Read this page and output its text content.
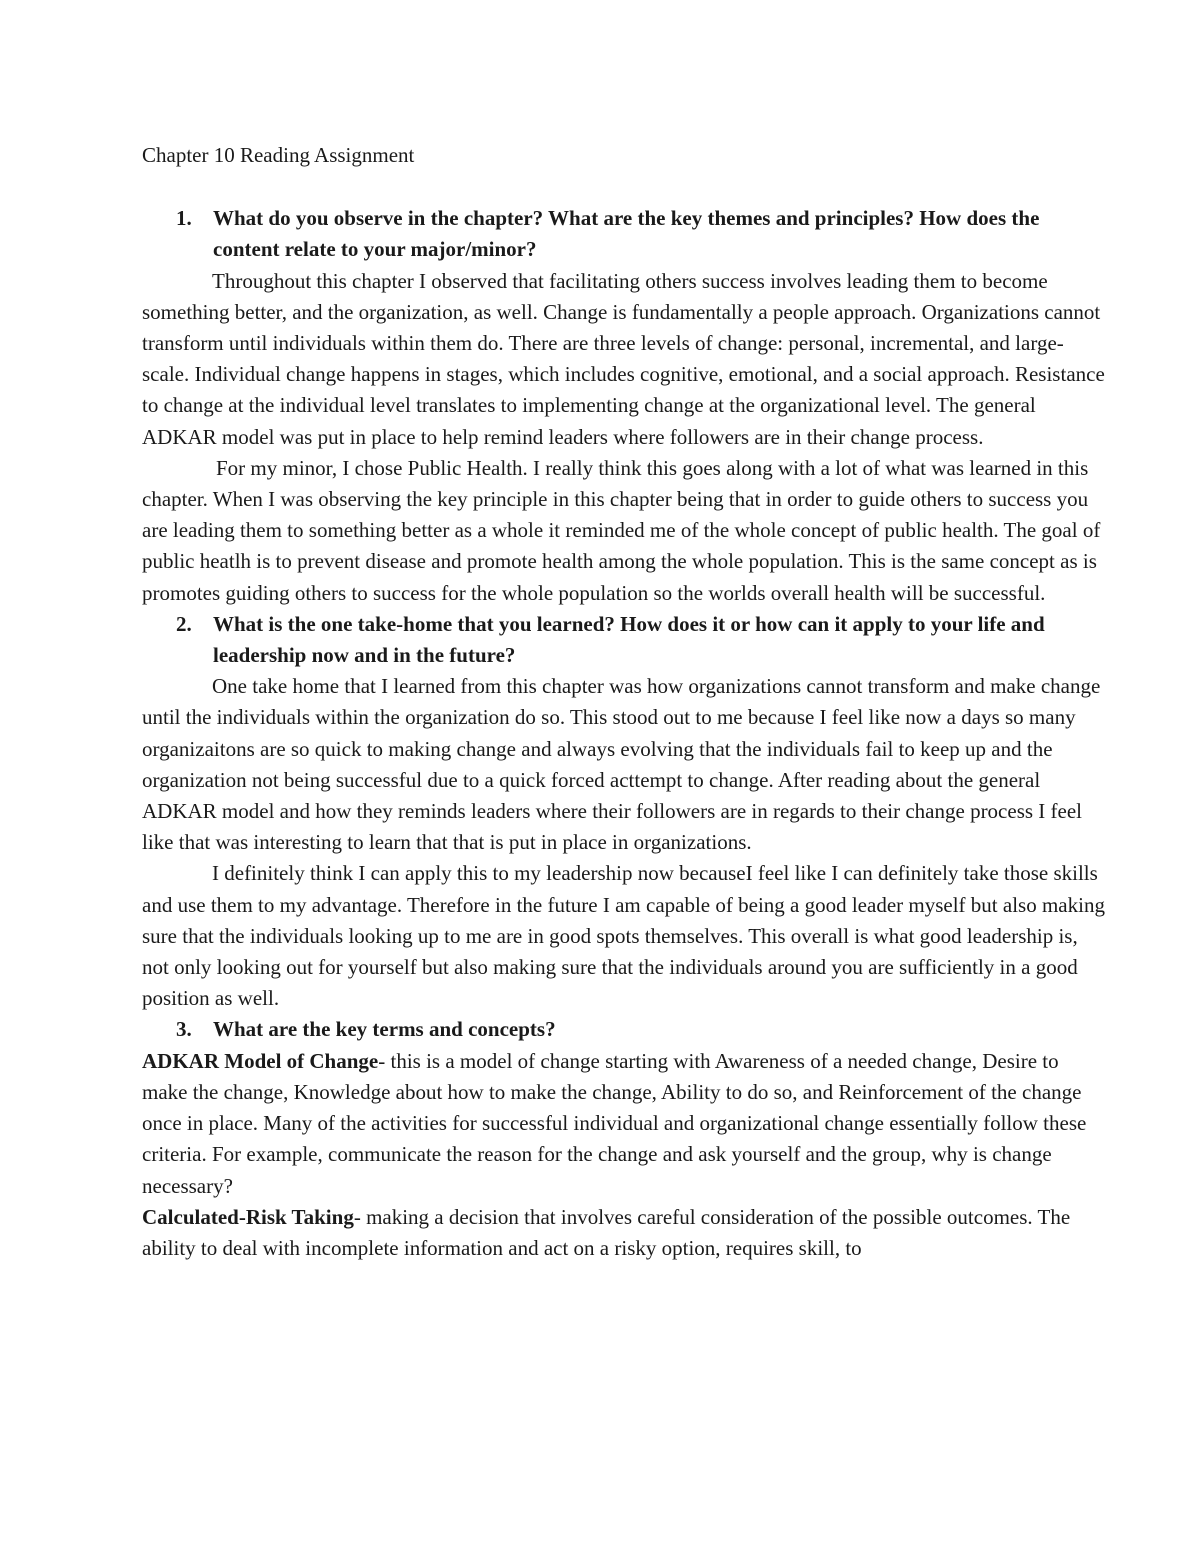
Chapter 10 Reading Assignment

1. What do you observe in the chapter? What are the key themes and principles? How does the content relate to your major/minor?

Throughout this chapter I observed that facilitating others success involves leading them to become something better, and the organization, as well. Change is fundamentally a people approach. Organizations cannot transform until individuals within them do. There are three levels of change: personal, incremental, and large-scale. Individual change happens in stages, which includes cognitive, emotional, and a social approach. Resistance to change at the individual level translates to implementing change at the organizational level. The general ADKAR model was put in place to help remind leaders where followers are in their change process.

For my minor, I chose Public Health. I really think this goes along with a lot of what was learned in this chapter. When I was observing the key principle in this chapter being that in order to guide others to success you are leading them to something better as a whole it reminded me of the whole concept of public health. The goal of public heatlh is to prevent disease and promote health among the whole population. This is the same concept as is promotes guiding others to success for the whole population so the worlds overall health will be successful.

2. What is the one take-home that you learned? How does it or how can it apply to your life and leadership now and in the future?

One take home that I learned from this chapter was how organizations cannot transform and make change until the individuals within the organization do so. This stood out to me because I feel like now a days so many organizaitons are so quick to making change and always evolving that the individuals fail to keep up and the organization not being successful due to a quick forced acttempt to change. After reading about the general ADKAR model and how they reminds leaders where their followers are in regards to their change process I feel like that was interesting to learn that that is put in place in organizations.

I definitely think I can apply this to my leadership now becauseI feel like I can definitely take those skills and use them to my advantage. Therefore in the future I am capable of being a good leader myself but also making sure that the individuals looking up to me are in good spots themselves. This overall is what good leadership is, not only looking out for yourself but also making sure that the individuals around you are sufficiently in a good position as well.

3. What are the key terms and concepts?

ADKAR Model of Change- this is a model of change starting with Awareness of a needed change, Desire to make the change, Knowledge about how to make the change, Ability to do so, and Reinforcement of the change once in place. Many of the activities for successful individual and organizational change essentially follow these criteria. For example, communicate the reason for the change and ask yourself and the group, why is change necessary?

Calculated-Risk Taking- making a decision that involves careful consideration of the possible outcomes. The ability to deal with incomplete information and act on a risky option, requires skill, to
